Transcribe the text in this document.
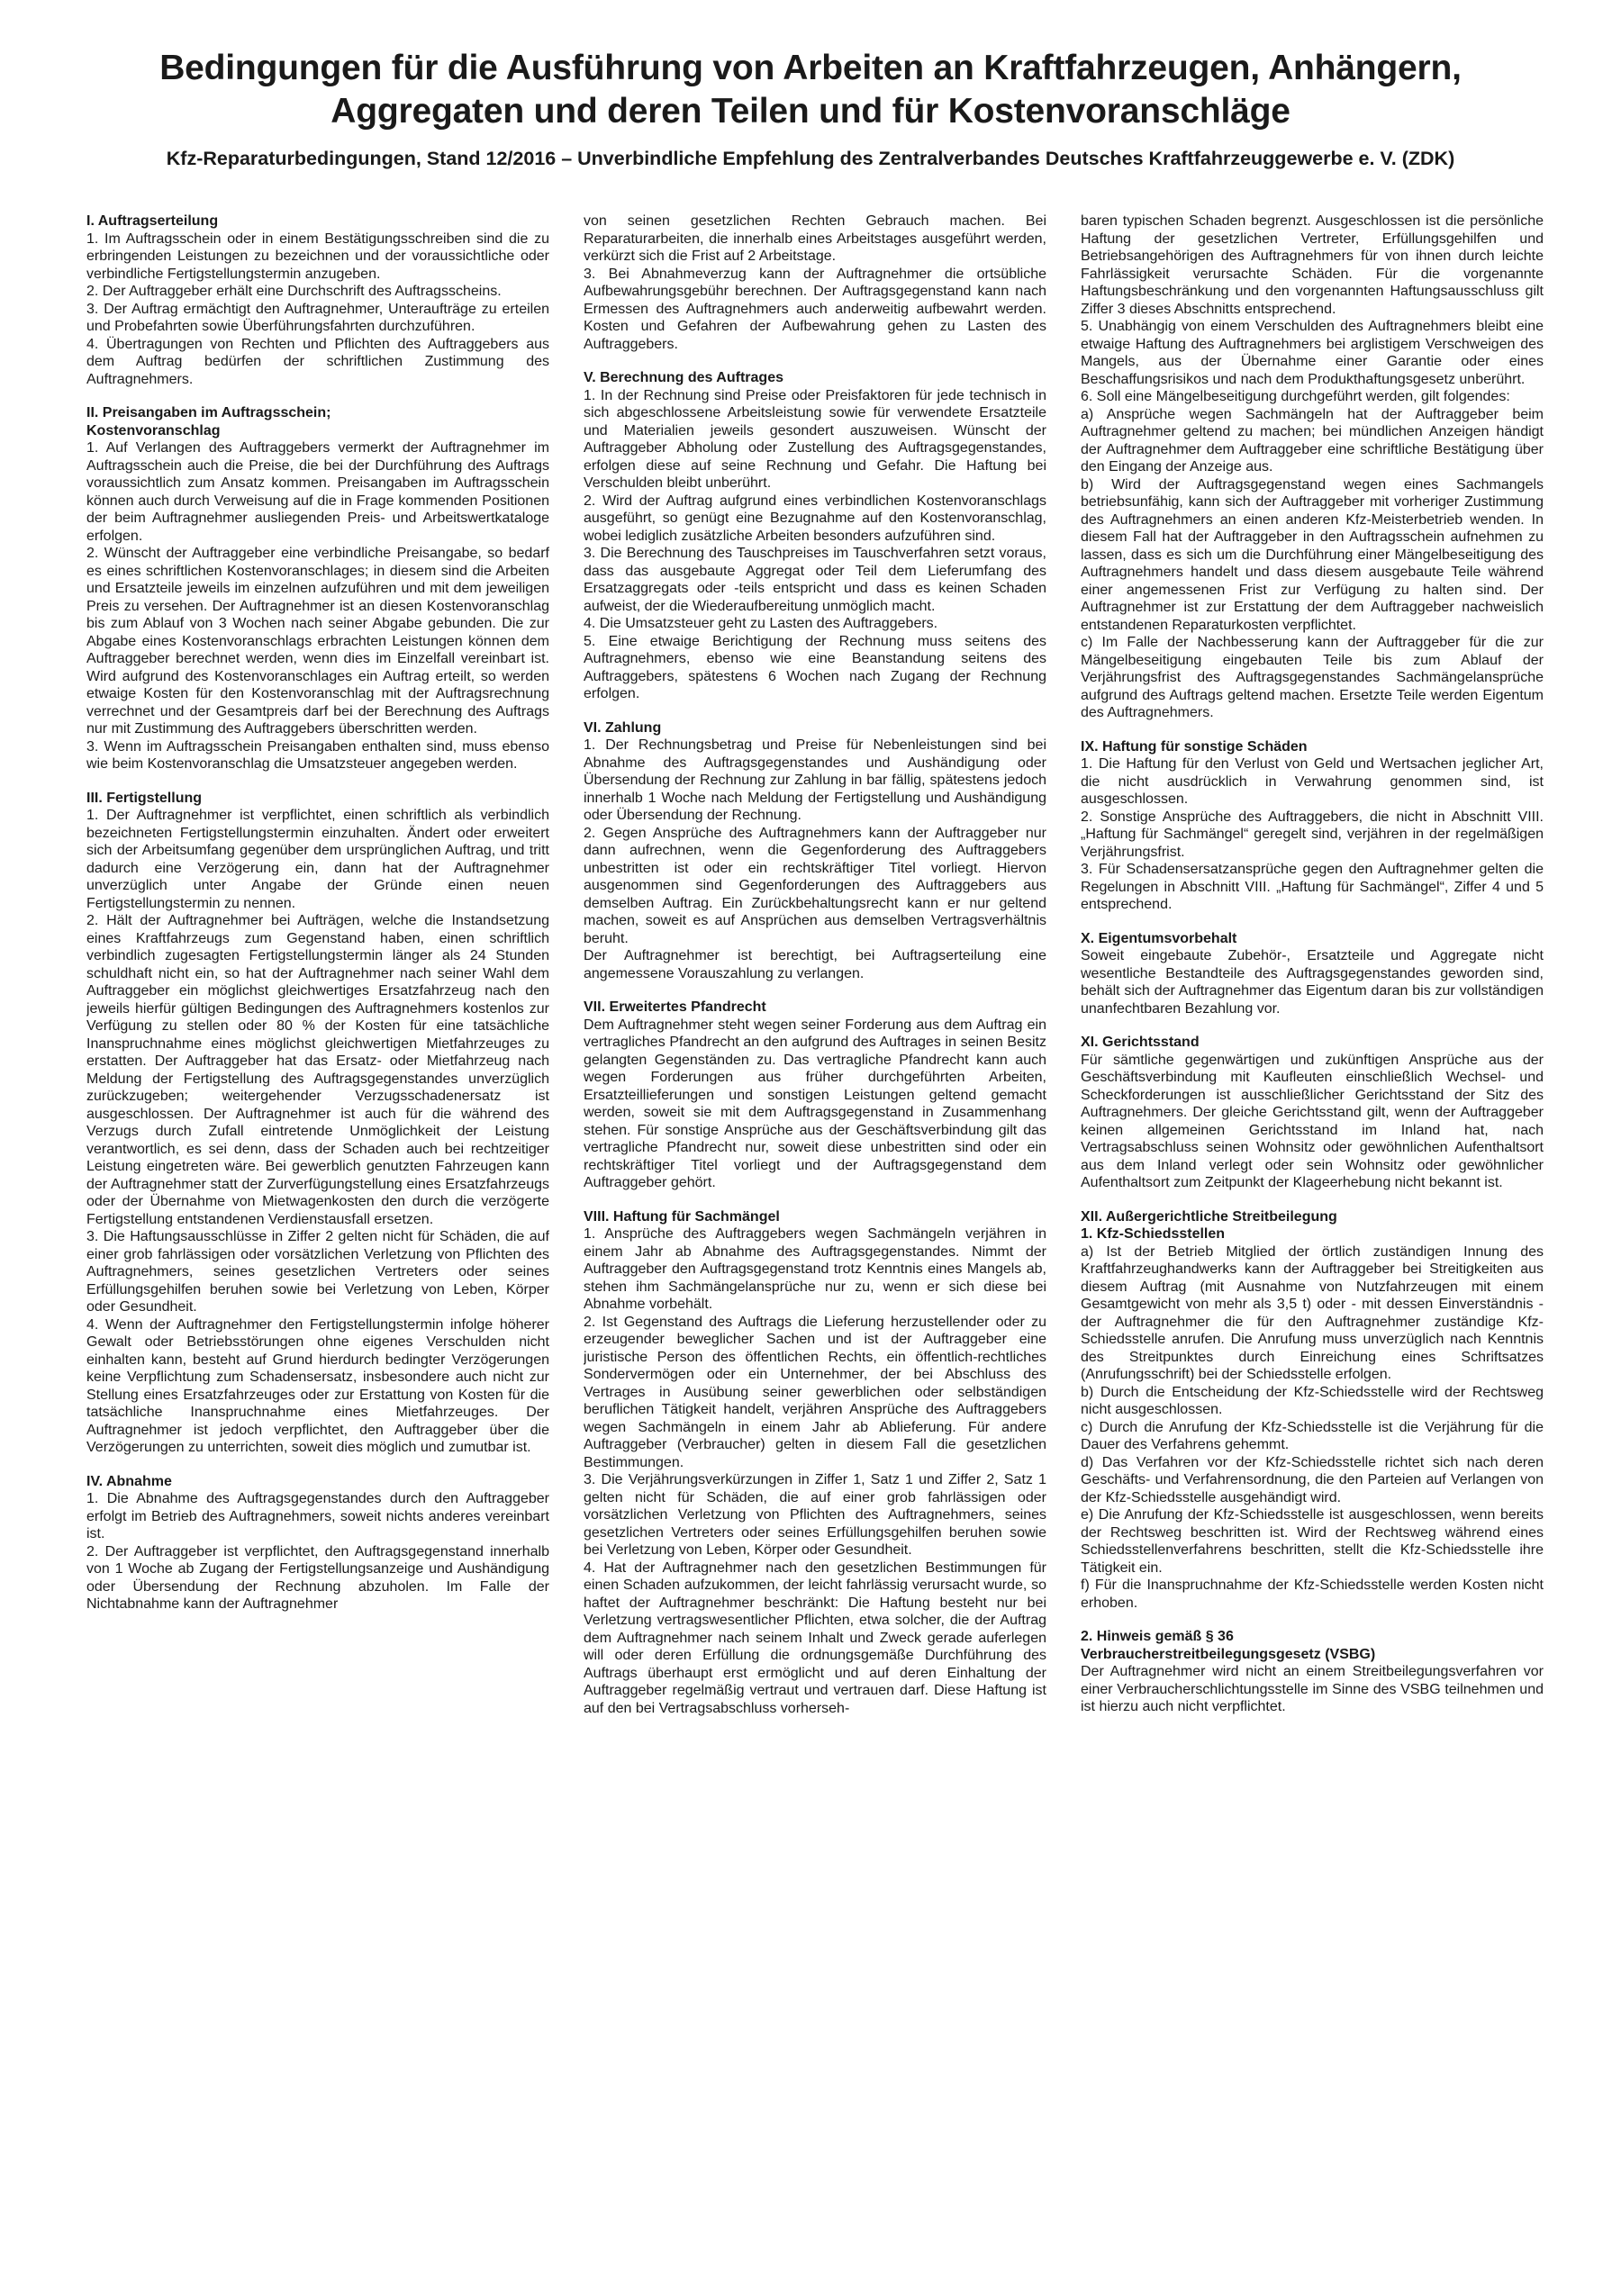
Bedingungen für die Ausführung von Arbeiten an Kraftfahrzeugen, Anhängern,
Aggregaten und deren Teilen und für Kostenvoranschläge
Kfz-Reparaturbedingungen, Stand 12/2016 – Unverbindliche Empfehlung des Zentralverbandes Deutsches Kraftfahrzeuggewerbe e. V. (ZDK)
I. Auftragserteilung
1. Im Auftragsschein oder in einem Bestätigungsschreiben sind die zu erbringenden Leistungen zu bezeichnen und der voraussichtliche oder verbindliche Fertigstellungstermin anzugeben.
2. Der Auftraggeber erhält eine Durchschrift des Auftragsscheins.
3. Der Auftrag ermächtigt den Auftragnehmer, Unteraufträge zu erteilen und Probefahrten sowie Überführungsfahrten durchzuführen.
4. Übertragungen von Rechten und Pflichten des Auftraggebers aus dem Auftrag bedürfen der schriftlichen Zustimmung des Auftragnehmers.
II. Preisangaben im Auftragsschein;
Kostenvoranschlag
1. Auf Verlangen des Auftraggebers vermerkt der Auftragnehmer im Auftragsschein auch die Preise, die bei der Durchführung des Auftrags voraussichtlich zum Ansatz kommen. Preisangaben im Auftragsschein können auch durch Verweisung auf die in Frage kommenden Positionen der beim Auftragnehmer ausliegenden Preis- und Arbeitswertkataloge erfolgen.
2. Wünscht der Auftraggeber eine verbindliche Preisangabe, so bedarf es eines schriftlichen Kostenvoranschlages; in diesem sind die Arbeiten und Ersatzteile jeweils im einzelnen aufzuführen und mit dem jeweiligen Preis zu versehen. Der Auftragnehmer ist an diesen Kostenvoranschlag bis zum Ablauf von 3 Wochen nach seiner Abgabe gebunden. Die zur Abgabe eines Kostenvoranschlags erbrachten Leistungen können dem Auftraggeber berechnet werden, wenn dies im Einzelfall vereinbart ist. Wird aufgrund des Kostenvoranschlages ein Auftrag erteilt, so werden etwaige Kosten für den Kostenvoranschlag mit der Auftragsrechnung verrechnet und der Gesamtpreis darf bei der Berechnung des Auftrags nur mit Zustimmung des Auftraggebers überschritten werden.
3. Wenn im Auftragsschein Preisangaben enthalten sind, muss ebenso wie beim Kostenvoranschlag die Umsatzsteuer angegeben werden.
III. Fertigstellung
1. Der Auftragnehmer ist verpflichtet, einen schriftlich als verbindlich bezeichneten Fertigstellungstermin einzuhalten. Ändert oder erweitert sich der Arbeitsumfang gegenüber dem ursprünglichen Auftrag, und tritt dadurch eine Verzögerung ein, dann hat der Auftragnehmer unverzüglich unter Angabe der Gründe einen neuen Fertigstellungstermin zu nennen.
2. Hält der Auftragnehmer bei Aufträgen, welche die Instandsetzung eines Kraftfahrzeugs zum Gegenstand haben, einen schriftlich verbindlich zugesagten Fertigstellungstermin länger als 24 Stunden schuldhaft nicht ein, so hat der Auftragnehmer nach seiner Wahl dem Auftraggeber ein möglichst gleichwertiges Ersatzfahrzeug nach den jeweils hierfür gültigen Bedingungen des Auftragnehmers kostenlos zur Verfügung zu stellen oder 80 % der Kosten für eine tatsächliche Inanspruchnahme eines möglichst gleichwertigen Mietfahrzeuges zu erstatten. Der Auftraggeber hat das Ersatz- oder Mietfahrzeug nach Meldung der Fertigstellung des Auftragsgegenstandes unverzüglich zurückzugeben; weitergehender Verzugsschadenersatz ist ausgeschlossen. Der Auftragnehmer ist auch für die während des Verzugs durch Zufall eintretende Unmöglichkeit der Leistung verantwortlich, es sei denn, dass der Schaden auch bei rechtzeitiger Leistung eingetreten wäre. Bei gewerblich genutzten Fahrzeugen kann der Auftragnehmer statt der Zurverfügungstellung eines Ersatzfahrzeugs oder der Übernahme von Mietwagenkosten den durch die verzögerte Fertigstellung entstandenen Verdienstausfall ersetzen.
3. Die Haftungsausschlüsse in Ziffer 2 gelten nicht für Schäden, die auf einer grob fahrlässigen oder vorsätzlichen Verletzung von Pflichten des Auftragnehmers, seines gesetzlichen Vertreters oder seines Erfüllungsgehilfen beruhen sowie bei Verletzung von Leben, Körper oder Gesundheit.
4. Wenn der Auftragnehmer den Fertigstellungstermin infolge höherer Gewalt oder Betriebsstörungen ohne eigenes Verschulden nicht einhalten kann, besteht auf Grund hierdurch bedingter Verzögerungen keine Verpflichtung zum Schadensersatz, insbesondere auch nicht zur Stellung eines Ersatzfahrzeuges oder zur Erstattung von Kosten für die tatsächliche Inanspruchnahme eines Mietfahrzeuges. Der Auftragnehmer ist jedoch verpflichtet, den Auftraggeber über die Verzögerungen zu unterrichten, soweit dies möglich und zumutbar ist.
IV. Abnahme
1. Die Abnahme des Auftragsgegenstandes durch den Auftraggeber erfolgt im Betrieb des Auftragnehmers, soweit nichts anderes vereinbart ist.
2. Der Auftraggeber ist verpflichtet, den Auftragsgegenstand innerhalb von 1 Woche ab Zugang der Fertigstellungsanzeige und Aushändigung oder Übersendung der Rechnung abzuholen. Im Falle der Nichtabnahme kann der Auftragnehmer
von seinen gesetzlichen Rechten Gebrauch machen. Bei Reparaturarbeiten, die innerhalb eines Arbeitstages ausgeführt werden, verkürzt sich die Frist auf 2 Arbeitstage.
3. Bei Abnahmeverzug kann der Auftragnehmer die ortsübliche Aufbewahrungsgebühr berechnen. Der Auftragsgegenstand kann nach Ermessen des Auftragnehmers auch anderweitig aufbewahrt werden. Kosten und Gefahren der Aufbewahrung gehen zu Lasten des Auftraggebers.
V. Berechnung des Auftrages
1. In der Rechnung sind Preise oder Preisfaktoren für jede technisch in sich abgeschlossene Arbeitsleistung sowie für verwendete Ersatzteile und Materialien jeweils gesondert auszuweisen. Wünscht der Auftraggeber Abholung oder Zustellung des Auftragsgegenstandes, erfolgen diese auf seine Rechnung und Gefahr. Die Haftung bei Verschulden bleibt unberührt.
2. Wird der Auftrag aufgrund eines verbindlichen Kostenvoranschlags ausgeführt, so genügt eine Bezugnahme auf den Kostenvoranschlag, wobei lediglich zusätzliche Arbeiten besonders aufzuführen sind.
3. Die Berechnung des Tauschpreises im Tauschverfahren setzt voraus, dass das ausgebaute Aggregat oder Teil dem Lieferumfang des Ersatzaggregats oder -teils entspricht und dass es keinen Schaden aufweist, der die Wiederaufbereitung unmöglich macht.
4. Die Umsatzsteuer geht zu Lasten des Auftraggebers.
5. Eine etwaige Berichtigung der Rechnung muss seitens des Auftragnehmers, ebenso wie eine Beanstandung seitens des Auftraggebers, spätestens 6 Wochen nach Zugang der Rechnung erfolgen.
VI. Zahlung
1. Der Rechnungsbetrag und Preise für Nebenleistungen sind bei Abnahme des Auftragsgegenstandes und Aushändigung oder Übersendung der Rechnung zur Zahlung in bar fällig, spätestens jedoch innerhalb 1 Woche nach Meldung der Fertigstellung und Aushändigung oder Übersendung der Rechnung.
2. Gegen Ansprüche des Auftragnehmers kann der Auftraggeber nur dann aufrechnen, wenn die Gegenforderung des Auftraggebers unbestritten ist oder ein rechtskräftiger Titel vorliegt. Hiervon ausgenommen sind Gegenforderungen des Auftraggebers aus demselben Auftrag. Ein Zurückbehaltungsrecht kann er nur geltend machen, soweit es auf Ansprüchen aus demselben Vertragsverhältnis beruht.
Der Auftragnehmer ist berechtigt, bei Auftragserteilung eine angemessene Vorauszahlung zu verlangen.
VII. Erweitertes Pfandrecht
Dem Auftragnehmer steht wegen seiner Forderung aus dem Auftrag ein vertragliches Pfandrecht an den aufgrund des Auftrages in seinen Besitz gelangten Gegenständen zu. Das vertragliche Pfandrecht kann auch wegen Forderungen aus früher durchgeführten Arbeiten, Ersatzteillieferungen und sonstigen Leistungen geltend gemacht werden, soweit sie mit dem Auftragsgegenstand in Zusammenhang stehen. Für sonstige Ansprüche aus der Geschäftsverbindung gilt das vertragliche Pfandrecht nur, soweit diese unbestritten sind oder ein rechtskräftiger Titel vorliegt und der Auftragsgegenstand dem Auftraggeber gehört.
VIII. Haftung für Sachmängel
1. Ansprüche des Auftraggebers wegen Sachmängeln verjähren in einem Jahr ab Abnahme des Auftragsgegenstandes. Nimmt der Auftraggeber den Auftragsgegenstand trotz Kenntnis eines Mangels ab, stehen ihm Sachmängelansprüche nur zu, wenn er sich diese bei Abnahme vorbehält.
2. Ist Gegenstand des Auftrags die Lieferung herzustellender oder zu erzeugender beweglicher Sachen und ist der Auftraggeber eine juristische Person des öffentlichen Rechts, ein öffentlich-rechtliches Sondervermögen oder ein Unternehmer, der bei Abschluss des Vertrages in Ausübung seiner gewerblichen oder selbständigen beruflichen Tätigkeit handelt, verjähren Ansprüche des Auftraggebers wegen Sachmängeln in einem Jahr ab Ablieferung. Für andere Auftraggeber (Verbraucher) gelten in diesem Fall die gesetzlichen Bestimmungen.
3. Die Verjährungsverkürzungen in Ziffer 1, Satz 1 und Ziffer 2, Satz 1 gelten nicht für Schäden, die auf einer grob fahrlässigen oder vorsätzlichen Verletzung von Pflichten des Auftragnehmers, seines gesetzlichen Vertreters oder seines Erfüllungsgehilfen beruhen sowie bei Verletzung von Leben, Körper oder Gesundheit.
4. Hat der Auftragnehmer nach den gesetzlichen Bestimmungen für einen Schaden aufzukommen, der leicht fahrlässig verursacht wurde, so haftet der Auftragnehmer beschränkt: Die Haftung besteht nur bei Verletzung vertragswesentlicher Pflichten, etwa solcher, die der Auftrag dem Auftragnehmer nach seinem Inhalt und Zweck gerade auferlegen will oder deren Erfüllung die ordnungsgemäße Durchführung des Auftrags überhaupt erst ermöglicht und auf deren Einhaltung der Auftraggeber regelmäßig vertraut und vertrauen darf. Diese Haftung ist auf den bei Vertragsabschluss vorherseh-
baren typischen Schaden begrenzt. Ausgeschlossen ist die persönliche Haftung der gesetzlichen Vertreter, Erfüllungsgehilfen und Betriebsangehörigen des Auftragnehmers für von ihnen durch leichte Fahrlässigkeit verursachte Schäden. Für die vorgenannte Haftungsbeschränkung und den vorgenannten Haftungsausschluss gilt Ziffer 3 dieses Abschnitts entsprechend.
5. Unabhängig von einem Verschulden des Auftragnehmers bleibt eine etwaige Haftung des Auftragnehmers bei arglistigem Verschweigen des Mangels, aus der Übernahme einer Garantie oder eines Beschaffungsrisikos und nach dem Produkthaftungsgesetz unberührt.
6. Soll eine Mängelbeseitigung durchgeführt werden, gilt folgendes:
a) Ansprüche wegen Sachmängeln hat der Auftraggeber beim Auftragnehmer geltend zu machen; bei mündlichen Anzeigen händigt der Auftragnehmer dem Auftraggeber eine schriftliche Bestätigung über den Eingang der Anzeige aus.
b) Wird der Auftragsgegenstand wegen eines Sachmangels betriebsunfähig, kann sich der Auftraggeber mit vorheriger Zustimmung des Auftragnehmers an einen anderen Kfz-Meisterbetrieb wenden. In diesem Fall hat der Auftraggeber in den Auftragsschein aufnehmen zu lassen, dass es sich um die Durchführung einer Mängelbeseitigung des Auftragnehmers handelt und dass diesem ausgebaute Teile während einer angemessenen Frist zur Verfügung zu halten sind. Der Auftragnehmer ist zur Erstattung der dem Auftraggeber nachweislich entstandenen Reparaturkosten verpflichtet.
c) Im Falle der Nachbesserung kann der Auftraggeber für die zur Mängelbeseitigung eingebauten Teile bis zum Ablauf der Verjährungsfrist des Auftragsgegenstandes Sachmängelansprüche aufgrund des Auftrags geltend machen. Ersetzte Teile werden Eigentum des Auftragnehmers.
IX. Haftung für sonstige Schäden
1. Die Haftung für den Verlust von Geld und Wertsachen jeglicher Art, die nicht ausdrücklich in Verwahrung genommen sind, ist ausgeschlossen.
2. Sonstige Ansprüche des Auftraggebers, die nicht in Abschnitt VIII. „Haftung für Sachmängel“ geregelt sind, verjähren in der regelmäßigen Verjährungsfrist.
3. Für Schadensersatzansprüche gegen den Auftragnehmer gelten die Regelungen in Abschnitt VIII. „Haftung für Sachmängel“, Ziffer 4 und 5 entsprechend.
X. Eigentumsvorbehalt
Soweit eingebaute Zubehör-, Ersatzteile und Aggregate nicht wesentliche Bestandteile des Auftragsgegenstandes geworden sind, behält sich der Auftragnehmer das Eigentum daran bis zur vollständigen unanfechtbaren Bezahlung vor.
XI. Gerichtsstand
Für sämtliche gegenwärtigen und zukünftigen Ansprüche aus der Geschäftsverbindung mit Kaufleuten einschließlich Wechsel- und Scheckforderungen ist ausschließlicher Gerichtsstand der Sitz des Auftragnehmers. Der gleiche Gerichtsstand gilt, wenn der Auftraggeber keinen allgemeinen Gerichtsstand im Inland hat, nach Vertragsabschluss seinen Wohnsitz oder gewöhnlichen Aufenthaltsort aus dem Inland verlegt oder sein Wohnsitz oder gewöhnlicher Aufenthaltsort zum Zeitpunkt der Klageerhebung nicht bekannt ist.
XII. Außergerichtliche Streitbeilegung
1. Kfz-Schiedsstellen
a) Ist der Betrieb Mitglied der örtlich zuständigen Innung des Kraftfahrzeughandwerks kann der Auftraggeber bei Streitigkeiten aus diesem Auftrag (mit Ausnahme von Nutzfahrzeugen mit einem Gesamtgewicht von mehr als 3,5 t) oder - mit dessen Einverständnis - der Auftragnehmer die für den Auftragnehmer zuständige Kfz-Schiedsstelle anrufen. Die Anrufung muss unverzüglich nach Kenntnis des Streitpunktes durch Einreichung eines Schriftsatzes (Anrufungsschrift) bei der Schiedsstelle erfolgen.
b) Durch die Entscheidung der Kfz-Schiedsstelle wird der Rechtsweg nicht ausgeschlossen.
c) Durch die Anrufung der Kfz-Schiedsstelle ist die Verjährung für die Dauer des Verfahrens gehemmt.
d) Das Verfahren vor der Kfz-Schiedsstelle richtet sich nach deren Geschäfts- und Verfahrensordnung, die den Parteien auf Verlangen von der Kfz-Schiedsstelle ausgehändigt wird.
e) Die Anrufung der Kfz-Schiedsstelle ist ausgeschlossen, wenn bereits der Rechtsweg beschritten ist. Wird der Rechtsweg während eines Schiedsstellenverfahrens beschritten, stellt die Kfz-Schiedsstelle ihre Tätigkeit ein.
f) Für die Inanspruchnahme der Kfz-Schiedsstelle werden Kosten nicht erhoben.
2. Hinweis gemäß § 36
Verbraucherstreitbeilegungsgesetz (VSBG)
Der Auftragnehmer wird nicht an einem Streitbeilegungsverfahren vor einer Verbraucherschlichtungsstelle im Sinne des VSBG teilnehmen und ist hierzu auch nicht verpflichtet.
